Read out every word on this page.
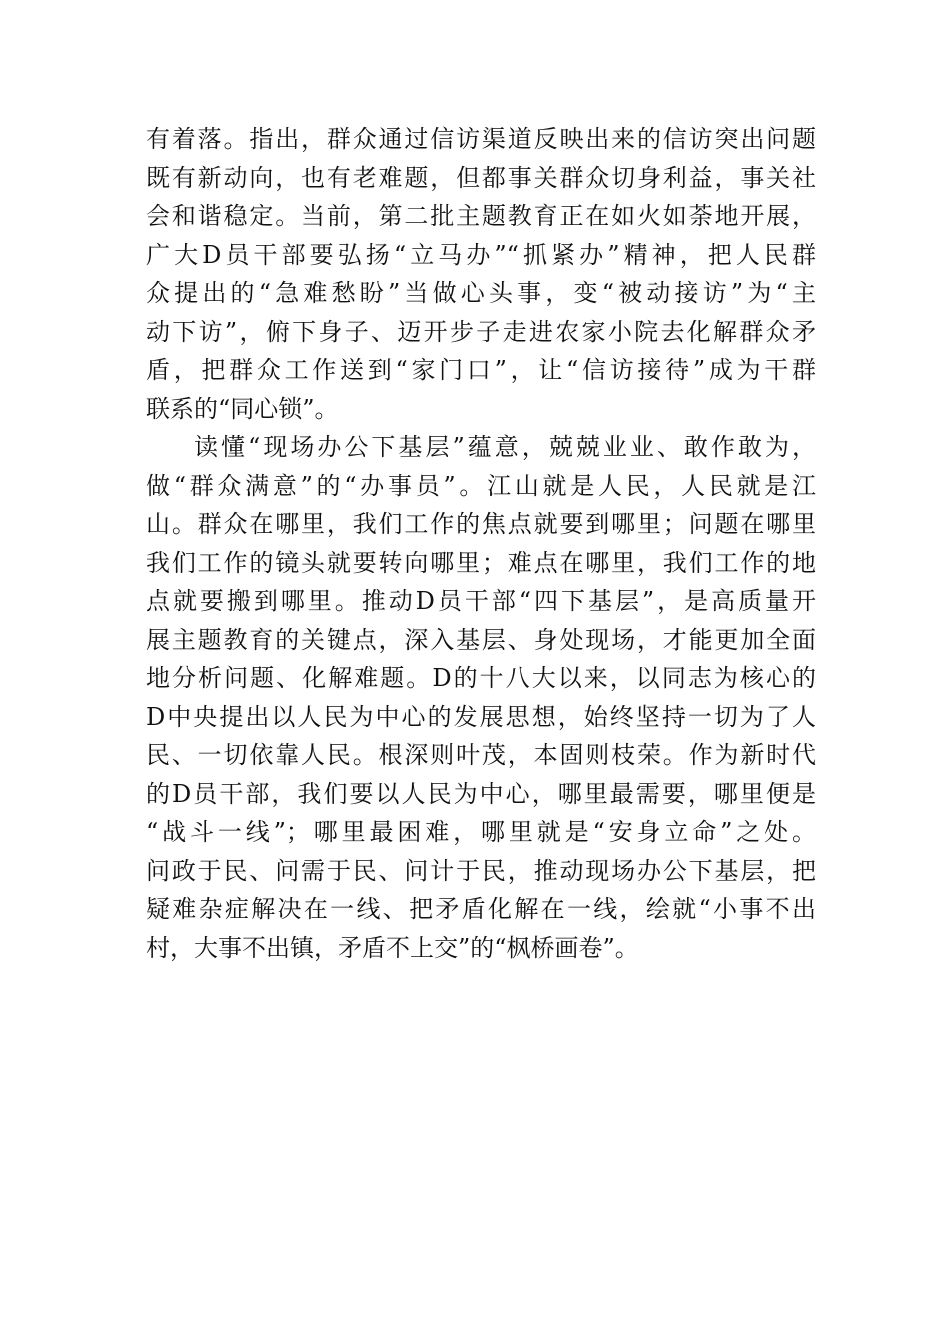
有着落。指出，群众通过信访渠道反映出来的信访突出问题
既有新动向，也有老难题，但都事关群众切身利益，事关社
会和谐稳定。当前，第二批主题教育正在如火如荼地开展，
广大D员干部要弘扬“立马办”“抓紧办”精神，把人民群
众提出的“急难愁盼”当做心头事，变“被动接访”为“主
动下访”，俯下身子、迈开步子走进农家小院去化解群众矛
盾，把群众工作送到“家门口”，让“信访接待”成为干群
联系的“同心锁”。
读懂“现场办公下基层”蕴意，兢兢业业、敢作敢为，
做“群众满意”的“办事员”。江山就是人民，人民就是江
山。群众在哪里，我们工作的焦点就要到哪里；问题在哪里
我们工作的镜头就要转向哪里；难点在哪里，我们工作的地
点就要搬到哪里。推动D员干部“四下基层”，是高质量开
展主题教育的关键点，深入基层、身处现场，才能更加全面
地分析问题、化解难题。D的十八大以来，以同志为核心的
D中央提出以人民为中心的发展思想，始终坚持一切为了人
民、一切依靠人民。根深则叶茂，本固则枝荣。作为新时代
的D员干部，我们要以人民为中心，哪里最需要，哪里便是
“战斗一线”；哪里最困难，哪里就是“安身立命”之处。
问政于民、问需于民、问计于民，推动现场办公下基层，把
疑难杂症解决在一线、把矛盾化解在一线，绘就“小事不出
村，大事不出镇，矛盾不上交”的“枫桥画卷”。
